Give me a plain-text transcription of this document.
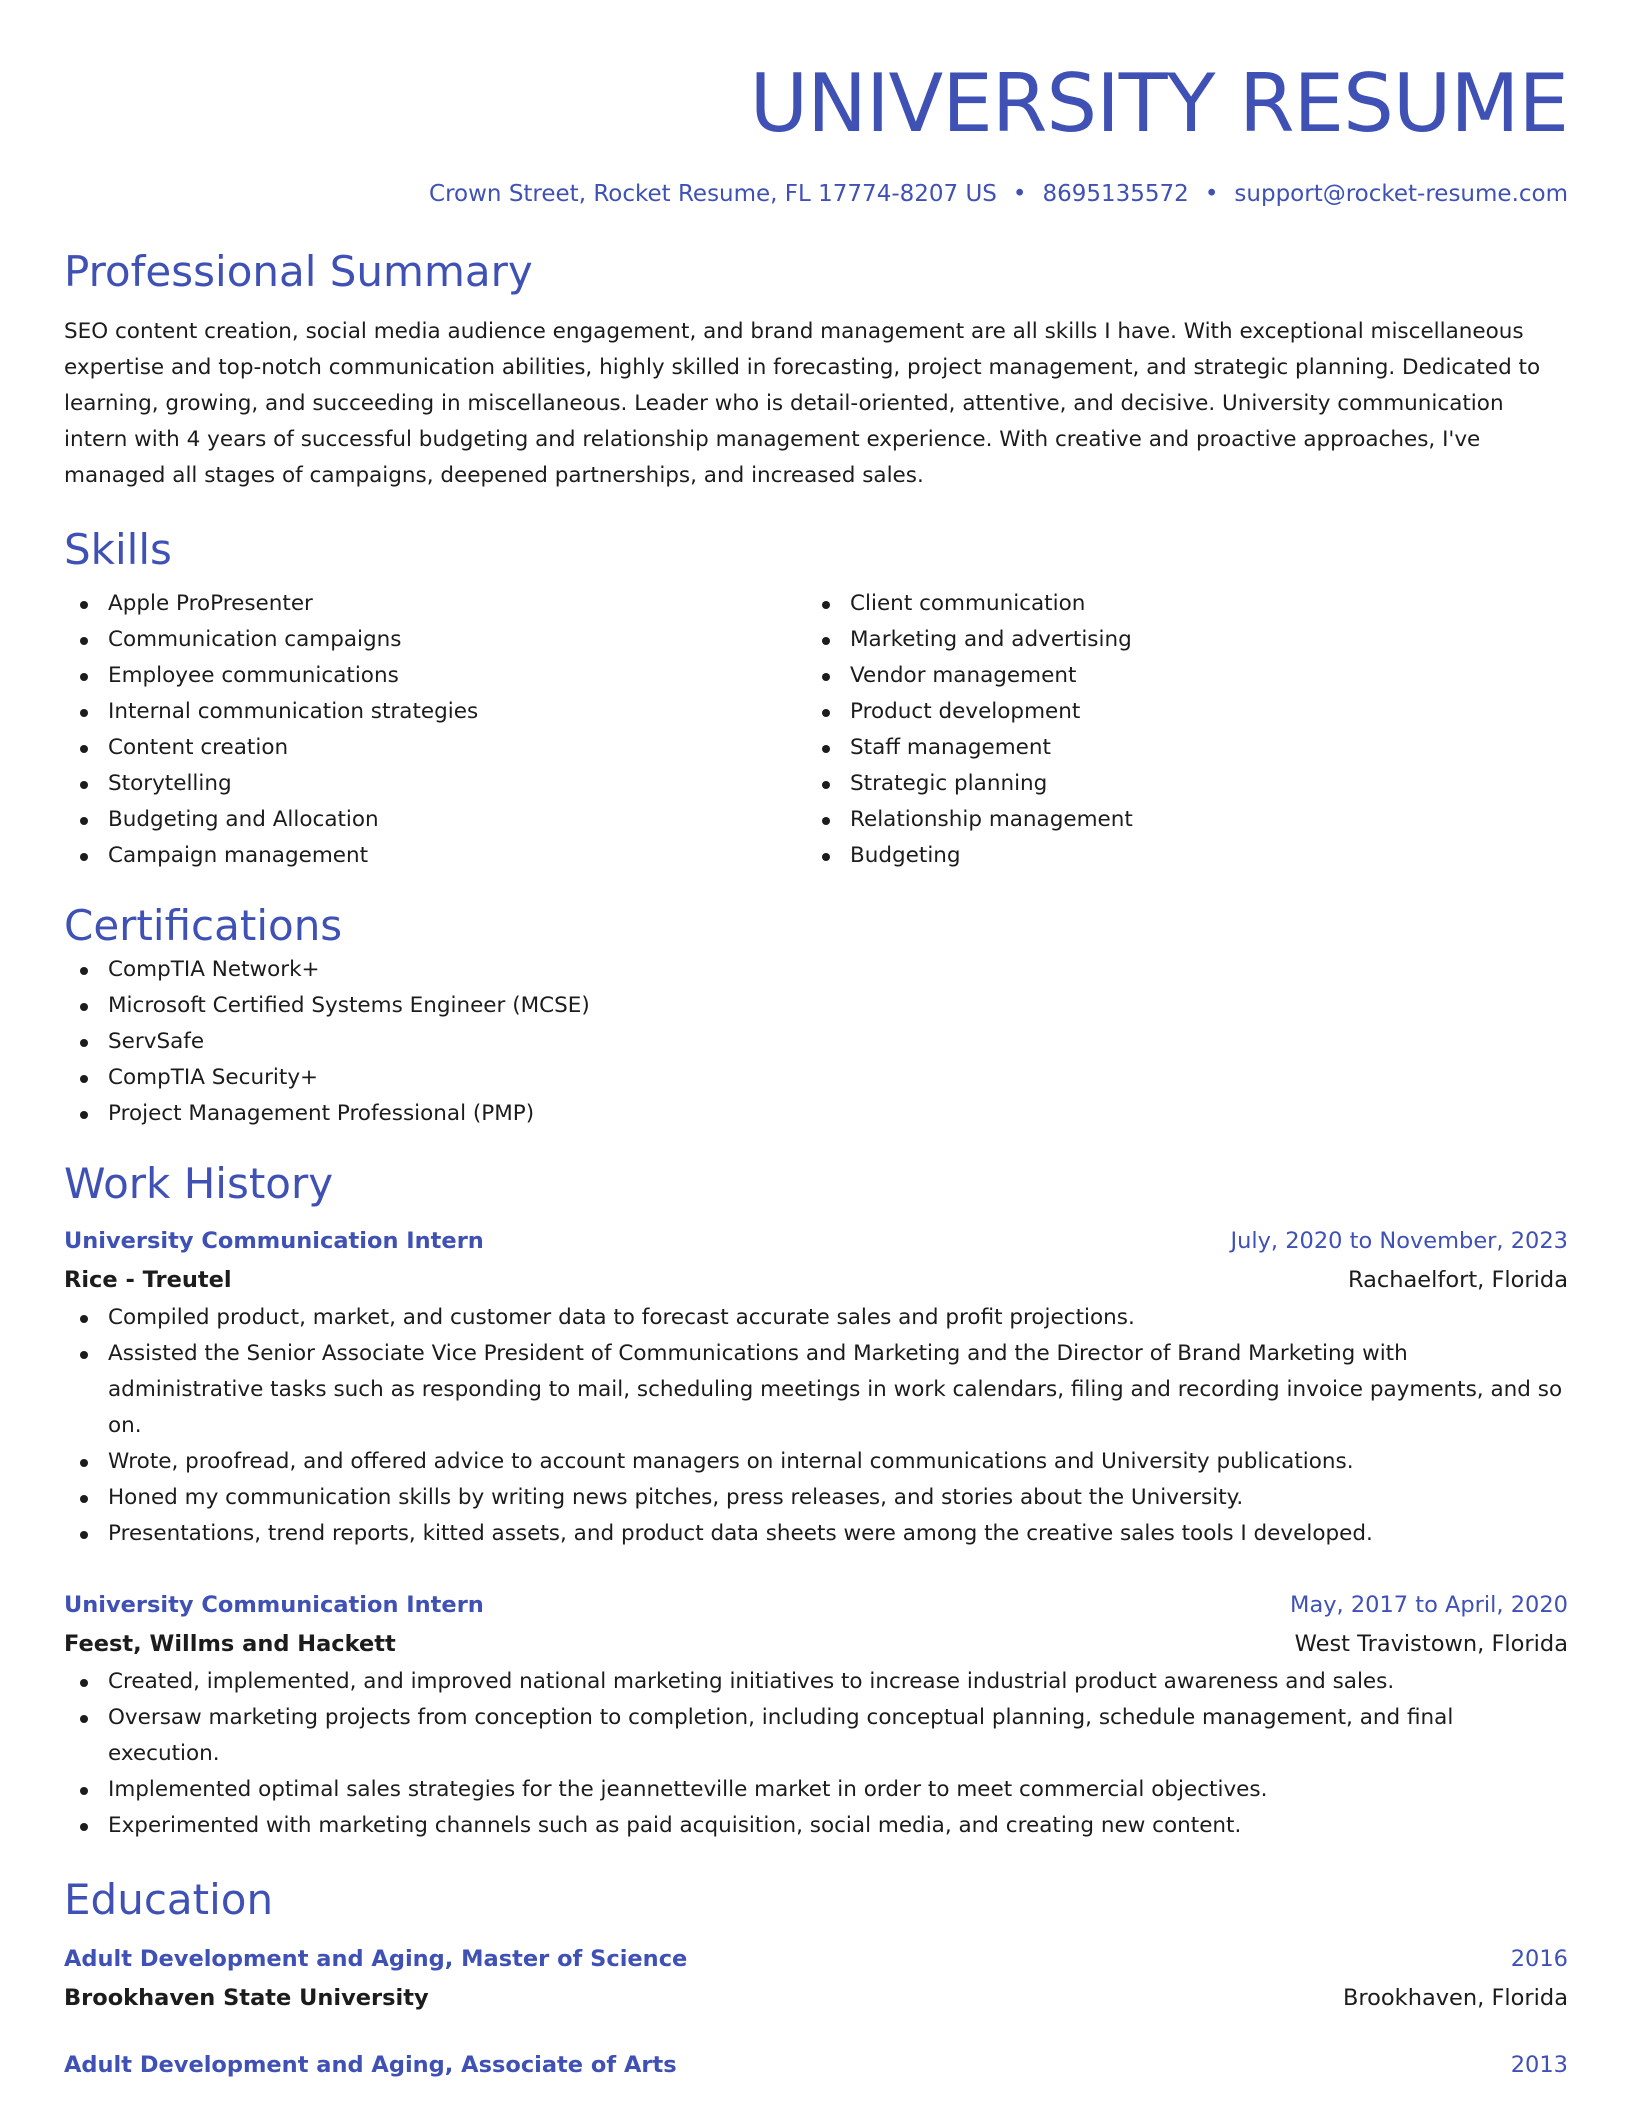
UNIVERSITY RESUME
Crown Street, Rocket Resume, FL 17774-8207 US • 8695135572 • support@rocket-resume.com
Professional Summary

SEO content creation, social media audience engagement, and brand management are all skills I have. With exceptional miscellaneous expertise and top-notch communication abilities, highly skilled in forecasting, project management, and strategic planning. Dedicated to learning, growing, and succeeding in miscellaneous. Leader who is detail-oriented, attentive, and decisive. University communication intern with 4 years of successful budgeting and relationship management experience. With creative and proactive approaches, I've managed all stages of campaigns, deepened partnerships, and increased sales.

Skills
Apple ProPresenter
Communication campaigns
Employee communications
Internal communication strategies
Content creation
Storytelling
Budgeting and Allocation
Campaign management
Client communication
Marketing and advertising
Vendor management
Product development
Staff management
Strategic planning
Relationship management
Budgeting
Certifications
CompTIA Network+
Microsoft Certified Systems Engineer (MCSE)
ServSafe
CompTIA Security+
Project Management Professional (PMP)
Work History
University Communication Intern	July, 2020 to November, 2023
Rice - Treutel	Rachaelfort, Florida
Compiled product, market, and customer data to forecast accurate sales and profit projections.
Assisted the Senior Associate Vice President of Communications and Marketing and the Director of Brand Marketing with administrative tasks such as responding to mail, scheduling meetings in work calendars, filing and recording invoice payments, and so on.
Wrote, proofread, and offered advice to account managers on internal communications and University publications.
Honed my communication skills by writing news pitches, press releases, and stories about the University.
Presentations, trend reports, kitted assets, and product data sheets were among the creative sales tools I developed.
University Communication Intern	May, 2017 to April, 2020
Feest, Willms and Hackett	West Travistown, Florida
Created, implemented, and improved national marketing initiatives to increase industrial product awareness and sales.
Oversaw marketing projects from conception to completion, including conceptual planning, schedule management, and final execution.
Implemented optimal sales strategies for the jeannetteville market in order to meet commercial objectives.
Experimented with marketing channels such as paid acquisition, social media, and creating new content.
Education
Adult Development and Aging, Master of Science	2016
Brookhaven State University	Brookhaven, Florida
Adult Development and Aging, Associate of Arts	2013
